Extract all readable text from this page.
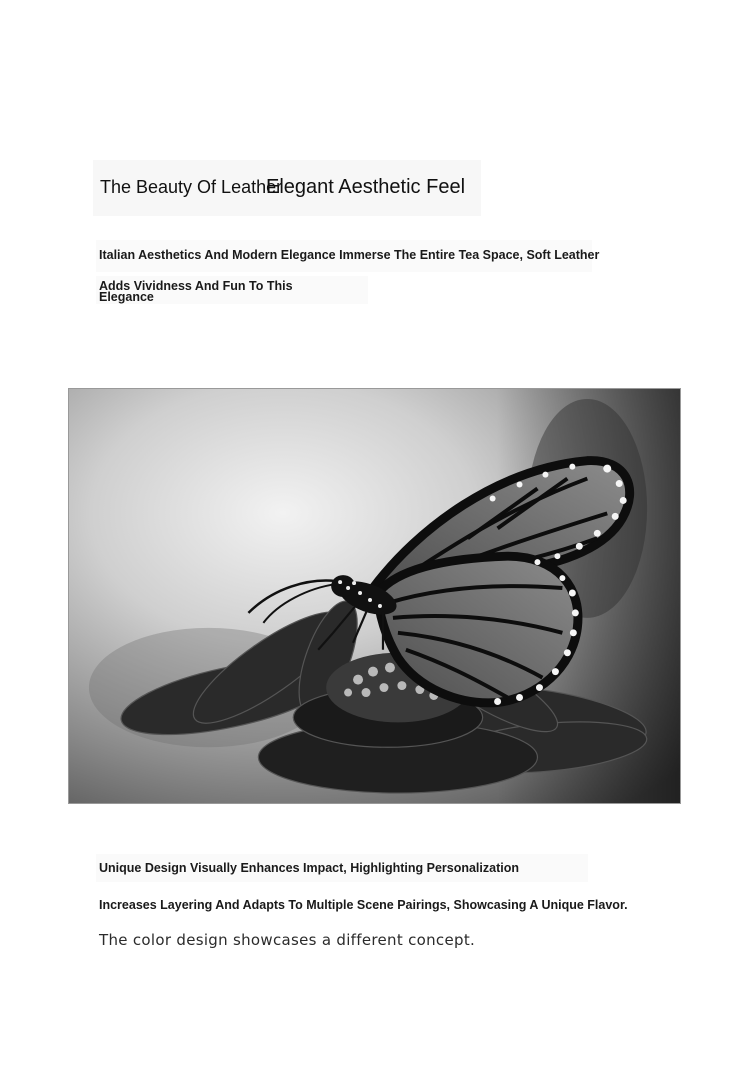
The Beauty Of Leather
Elegant Aesthetic Feel
Italian Aesthetics And Modern Elegance Immerse The Entire Tea Space, Soft Leather
Adds Vividness And Fun To This
Elegance
Unique Design Visually Enhances Impact, Highlighting Personalization
Increases Layering And Adapts To Multiple Scene Pairings, Showcasing A Unique Flavor.
The color design showcases a different concept.
